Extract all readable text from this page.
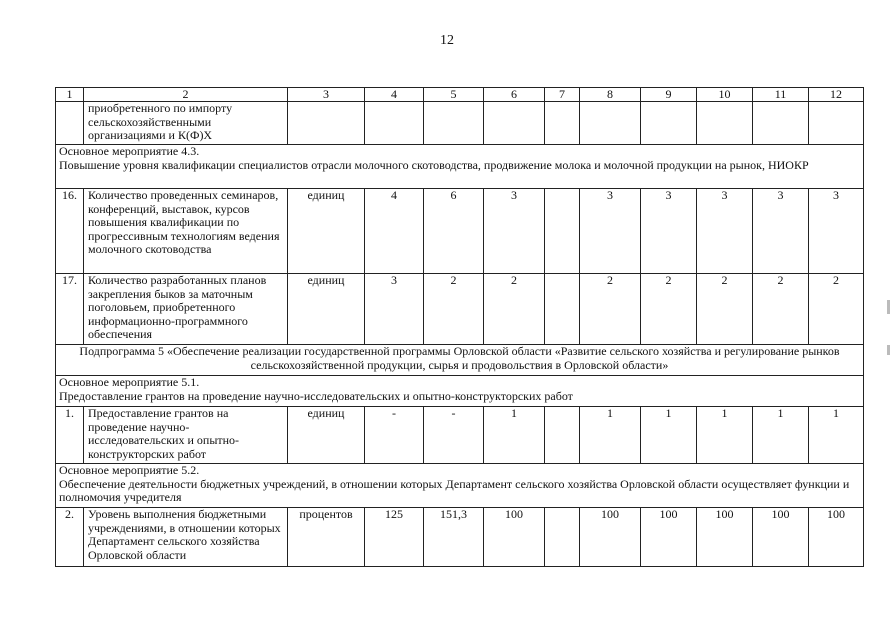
12
1	2	3	4	5	6	7	8	9	10	11	12
	приобретенного по импорту сельскохозяйственными организациями и К(Ф)Х										

Основное мероприятие 4.3.
Повышение уровня квалификации специалистов отрасли молочного скотоводства, продвижение молока и молочной продукции на рынок, НИОКР											

16.	Количество проведенных семинаров, конференций, выставок, курсов повышения квалификации по прогрессивным технологиям ведения молочного скотоводства	единиц	4	6	3		3	3	3	3	3
17.	Количество разработанных планов закрепления быков за маточным поголовьем, приобретенного информационно-программного обеспечения	единиц	3	2	2		2	2	2	2	2
Подпрограмма 5 «Обеспечение реализации государственной программы Орловской области «Развитие сельского хозяйства и регулирование рынков сельскохозяйственной продукции, сырья и продовольствия в Орловской области»											

Основное мероприятие 5.1.
Предоставление грантов на проведение научно-исследовательских и опытно-конструкторских работ											

1.	Предоставление грантов на проведение научно-исследовательских и опытно-конструкторских работ	единиц	-	-	1		1	1	1	1	1

Основное мероприятие 5.2.
Обеспечение деятельности бюджетных учреждений, в отношении которых Департамент сельского хозяйства Орловской области осуществляет функции и полномочия учредителя											

2.	Уровень выполнения бюджетными учреждениями, в отношении которых Департамент сельского хозяйства Орловской области	процентов	125	151,3	100		100	100	100	100	100
